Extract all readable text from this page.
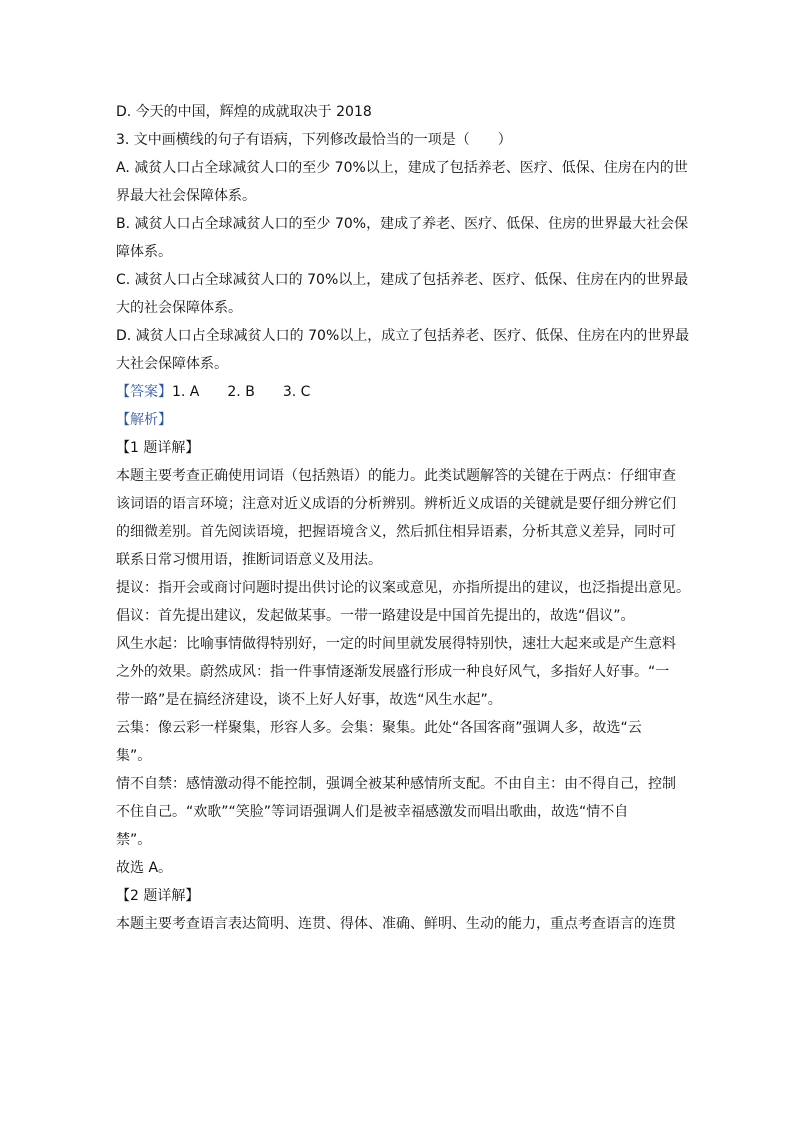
D. 今天的中国，辉煌的成就取决于 2018
3. 文中画横线的句子有语病，下列修改最恰当的一项是（　　）
A. 减贫人口占全球减贫人口的至少 70%以上，建成了包括养老、医疗、低保、住房在内的世
界最大社会保障体系。
B. 减贫人口占全球减贫人口的至少 70%，建成了养老、医疗、低保、住房的世界最大社会保
障体系。
C. 减贫人口占全球减贫人口的 70%以上，建成了包括养老、医疗、低保、住房在内的世界最
大的社会保障体系。
D. 减贫人口占全球减贫人口的 70%以上，成立了包括养老、医疗、低保、住房在内的世界最
大社会保障体系。
【答案】1. A 2. B 3. C
【解析】
【1 题详解】
本题主要考查正确使用词语（包括熟语）的能力。此类试题解答的关键在于两点：仔细审查
该词语的语言环境；注意对近义成语的分析辨别。辨析近义成语的关键就是要仔细分辨它们
的细微差别。首先阅读语境，把握语境含义，然后抓住相异语素，分析其意义差异，同时可
联系日常习惯用语，推断词语意义及用法。
提议：指开会或商讨问题时提出供讨论的议案或意见，亦指所提出的建议，也泛指提出意见。
倡议：首先提出建议，发起做某事。一带一路建设是中国首先提出的，故选“倡议”。
风生水起：比喻事情做得特别好，一定的时间里就发展得特别快，速壮大起来或是产生意料
之外的效果。蔚然成风：指一件事情逐渐发展盛行形成一种良好风气，多指好人好事。“一
带一路”是在搞经济建设，谈不上好人好事，故选“风生水起”。
云集：像云彩一样聚集，形容人多。会集：聚集。此处“各国客商”强调人多，故选“云
集”。
情不自禁：感情激动得不能控制，强调全被某种感情所支配。不由自主：由不得自己，控制
不住自己。“欢歌”“笑脸”等词语强调人们是被幸福感激发而唱出歌曲，故选“情不自
禁”。
故选 A。
【2 题详解】
本题主要考查语言表达简明、连贯、得体、准确、鲜明、生动的能力，重点考查语言的连贯
